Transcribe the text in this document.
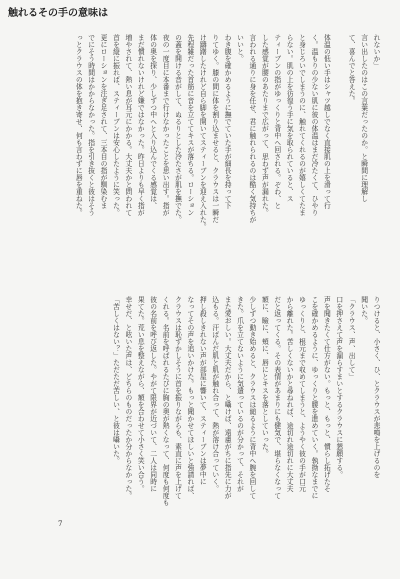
触れるその手の意味は

れないか」

言い出したのはこの言葉だったのか。と瞬間に理解し

て、喜んでと答えた。

体温の低い手はシャツ越しでなく直接肌の上を滑って行

く。温もりの少ない肌に彼の体温はまだ冷たくて、ひやり

と身じろいでしまうのに、触れてくれるのが嬉しくてたま

らない。肌の上を彷徨う手に気を取られていると、ス

ティーブンの指がゆっくりと背中へ回される。ぞわ、と

した感覚が腰のあたりまで広がって、思わず声が漏れた。

言われる通りに身を任せ、君に触れられるのは酷く気持ちが

いいと。

わき腹を確かめるように撫でていた手が細長を持って下

りてゆく。膝の間に体を割り込ませると、クラウスは一瞬だ

け躊躇したけれど自ら脚を開いてスティーブンを迎え入れた。

先程雑だった首筋に音を立ててキスが落ちる。ローション

の蓋を開ける音がして、ぬるりとした冷たさが肌を撫でた。

夜の一度目に本番まで行けなかったことを思い出す。指が

体の奥を探り、少しずつ中へと入り込んでくる感覚は、

まだ慣れないけれど嫌ではなかった。昨日よりも早く指が

増やされて、熱い息が耳元にかかる。大丈夫かと問われて

首を縦に振れば、スティーブンは安心したように笑った。

更にローションを注ぎ足されて、三本目の指が馴染むま

でにそう時間はかからなかった。指を引き抜くと彼はそう

っとクラウスの体を抱き寄せ、何も言わずに唇を重ねた。

りつけると、小さく、ひ、とクラウスが悲鳴を上げるのを

聞いた。

「クラウス、声、出して」

口を押さえて声を漏らすまいとするクラウスに懇願する。

声を聞きたくて仕方がない。もっと、もっと、慣らし拓げたそ

こを確かめるように、ゆっくりと腰を進めていく。執拗なまでに

ゆっくりと、根元まで収めてしまうと、ようやく彼の手が口元

から離れた。苦しくないかと尋ねれば、途切れ途切れに大丈夫

だと返ってくる。その表情があまりにも健気で、堪らなくなって

額に、瞼に、頬に、唇にとキスを落としていった。

少しずつ動き始めると、クラウスは縋るように背中へ腕を回して

きた。爪を立てないように気遣っているのが分かって、それが

また愛おしい。大丈夫だから、と囁けば、遠慮がちに指先に力が

込もる。汗ばんだ肌と肌が触れ合って、熱が溶け合っていく。

押し殺しきれない声が部屋に響いて、スティーブンは夢中に

なってその声を追いかけた。もっと聞かせてほしいと強請れば、

クラウスは恥ずかしそうに首を振りながらも、素直に声を上げて

くれる。名前を呼ばれるたびに胸の奥が熱くなって、何度も何度も

彼の名前を呼び返した。やがて限界が近づいて、二人は同時に

果てた。荒い息を整えながら、額を合わせて小さく笑い合う。

幸せだ、と呟いた声は、どちらのものだったか分からなかった。

「苦しくはない？」ただただ苦しい、と彼は囁いた。

7
